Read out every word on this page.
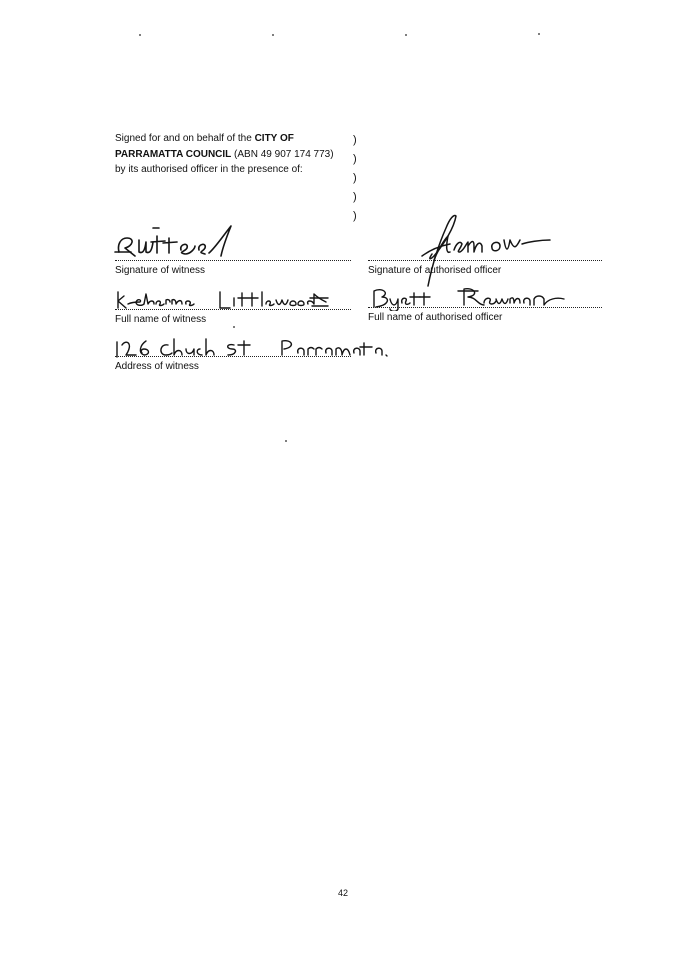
Signed for and on behalf of the CITY OF
PARRAMATTA COUNCIL (ABN 49 907 174 773)
by its authorised officer in the presence of:
)
)
)
)
)
Signature of witness	Signature of authorised officer
Full name of witness	Full name of authorised officer
Address of witness
42
